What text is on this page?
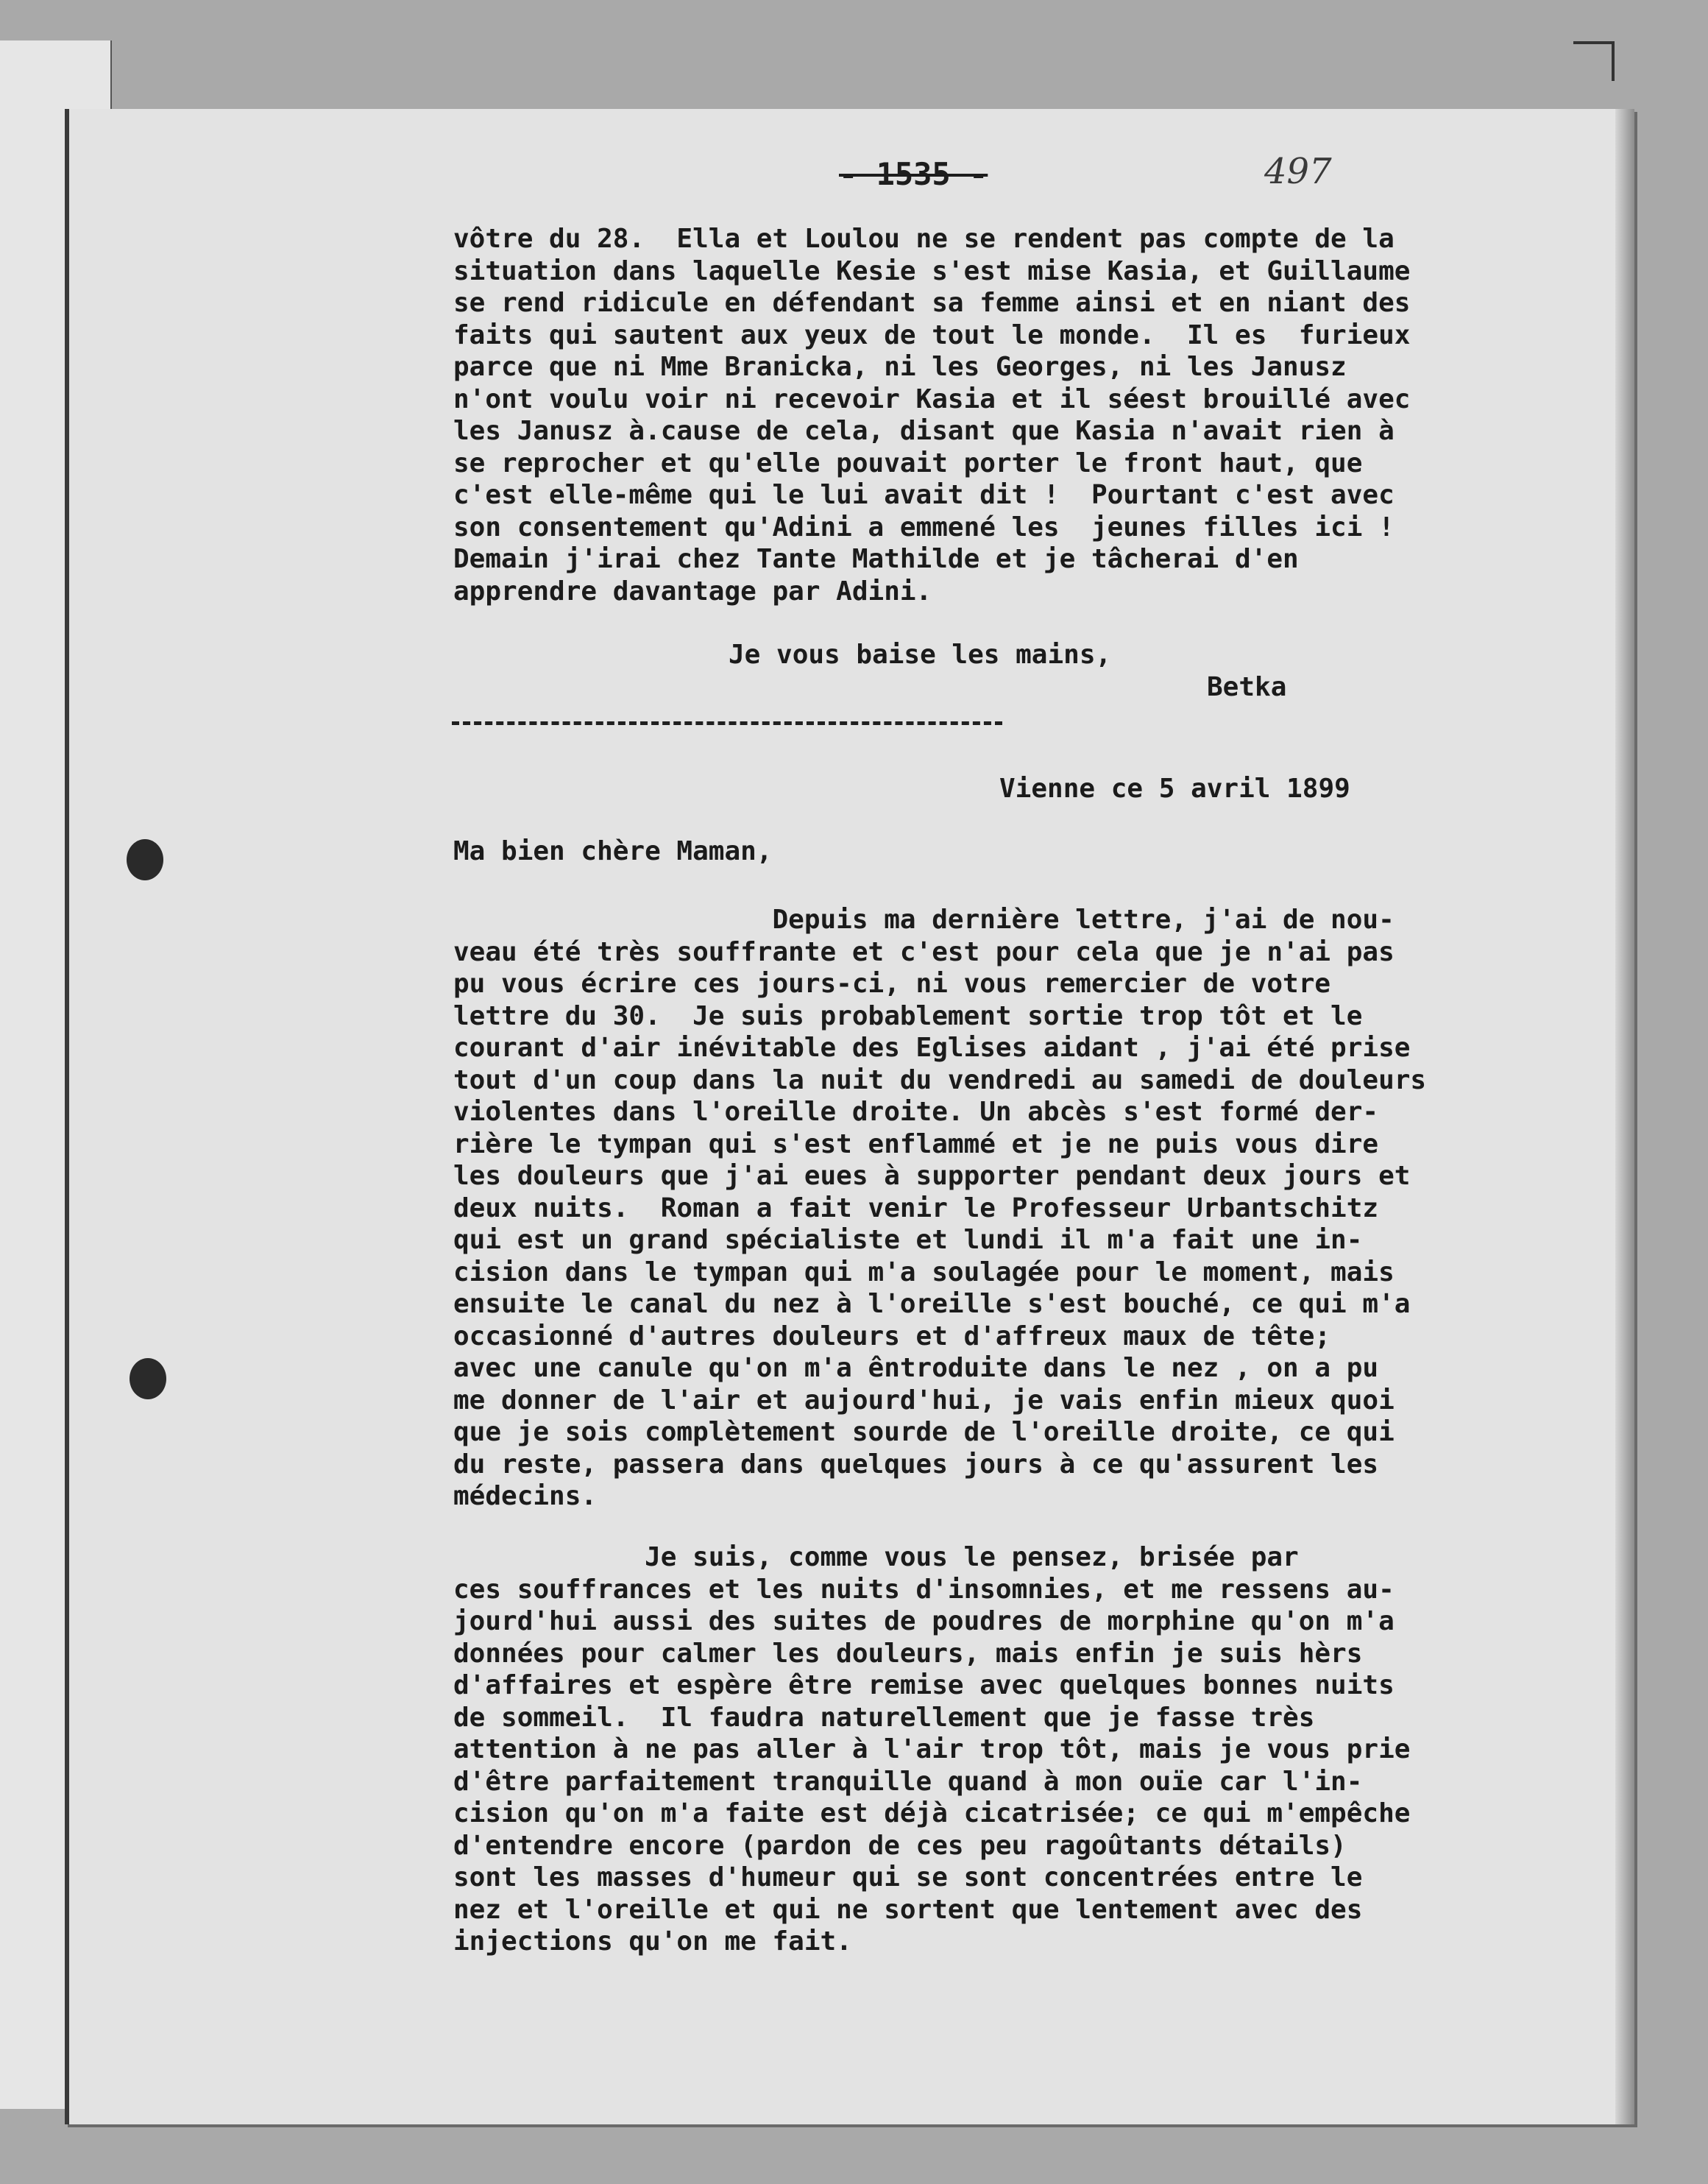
- 1535 -	497
vôtre du 28.  Ella et Loulou ne se rendent pas compte de la
situation dans laquelle Kesie s'est mise Kasia, et Guillaume
se rend ridicule en défendant sa femme ainsi et en niant des
faits qui sautent aux yeux de tout le monde.  Il es  furieux
parce que ni Mme Branicka, ni les Georges, ni les Janusz
n'ont voulu voir ni recevoir Kasia et il séest brouillé avec
les Janusz à.cause de cela, disant que Kasia n'avait rien à
se reprocher et qu'elle pouvait porter le front haut, que
c'est elle-même qui le lui avait dit !  Pourtant c'est avec
son consentement qu'Adini a emmené les  jeunes filles ici !
Demain j'irai chez Tante Mathilde et je tâcherai d'en
apprendre davantage par Adini.
Je vous baise les mains,
Betka
Vienne ce 5 avril 1899
Ma bien chère Maman,
Depuis ma dernière lettre, j'ai de nou-
veau été très souffrante et c'est pour cela que je n'ai pas
pu vous écrire ces jours-ci, ni vous remercier de votre
lettre du 30.  Je suis probablement sortie trop tôt et le
courant d'air inévitable des Eglises aidant , j'ai été prise
tout d'un coup dans la nuit du vendredi au samedi de douleurs
violentes dans l'oreille droite. Un abcès s'est formé der-
rière le tympan qui s'est enflammé et je ne puis vous dire
les douleurs que j'ai eues à supporter pendant deux jours et
deux nuits.  Roman a fait venir le Professeur Urbantschitz
qui est un grand spécialiste et lundi il m'a fait une in-
cision dans le tympan qui m'a soulagée pour le moment, mais
ensuite le canal du nez à l'oreille s'est bouché, ce qui m'a
occasionné d'autres douleurs et d'affreux maux de tête;
avec une canule qu'on m'a êntroduite dans le nez , on a pu
me donner de l'air et aujourd'hui, je vais enfin mieux quoi
que je sois complètement sourde de l'oreille droite, ce qui
du reste, passera dans quelques jours à ce qu'assurent les
médecins.
Je suis, comme vous le pensez, brisée par
ces souffrances et les nuits d'insomnies, et me ressens au-
jourd'hui aussi des suites de poudres de morphine qu'on m'a
données pour calmer les douleurs, mais enfin je suis hèrs
d'affaires et espère être remise avec quelques bonnes nuits
de sommeil.  Il faudra naturellement que je fasse très
attention à ne pas aller à l'air trop tôt, mais je vous prie
d'être parfaitement tranquille quand à mon ouïe car l'in-
cision qu'on m'a faite est déjà cicatrisée; ce qui m'empêche
d'entendre encore (pardon de ces peu ragoûtants détails)
sont les masses d'humeur qui se sont concentrées entre le
nez et l'oreille et qui ne sortent que lentement avec des
injections qu'on me fait.
